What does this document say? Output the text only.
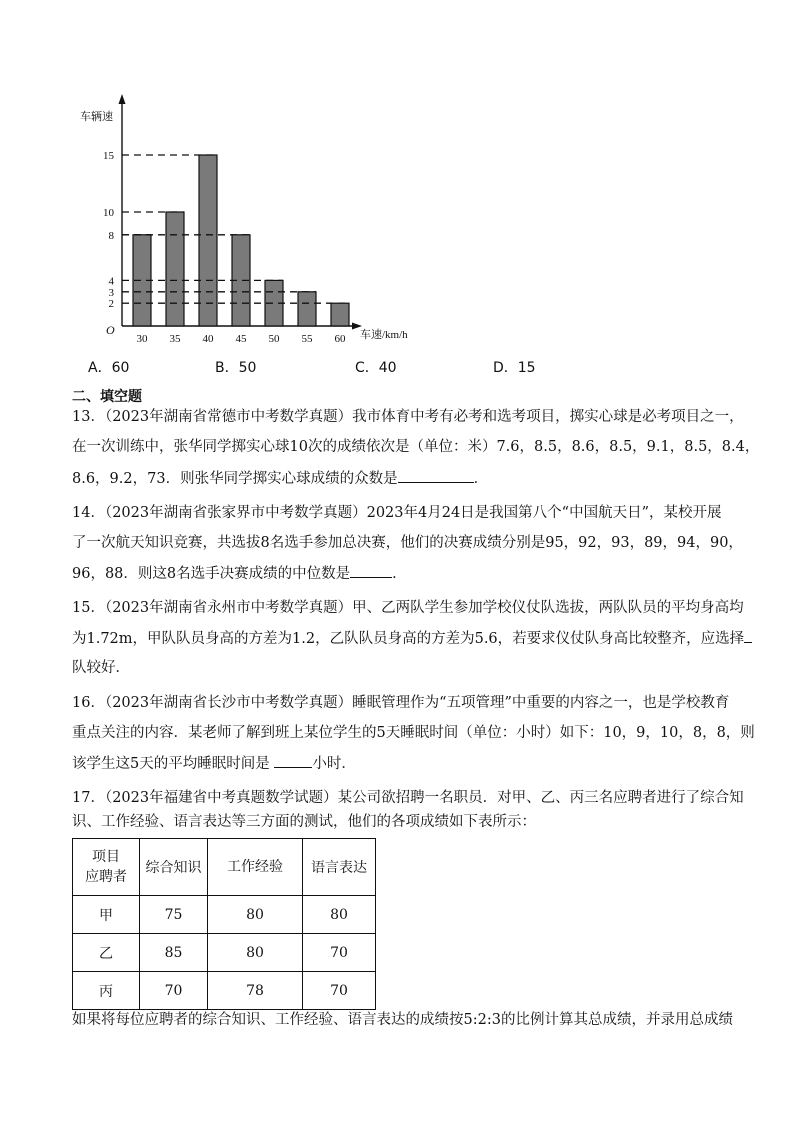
车辆速
O
30 35 40 45 50 55 60
2
3
4
8
10
15
车速/km/h
A．60	B．50	C．40	D．15
二、填空题
13．（2023年湖南省常德市中考数学真题）我市体育中考有必考和选考项目，掷实心球是必考项目之一，
在一次训练中，张华同学掷实心球10次的成绩依次是（单位：米）7.6，8.5，8.6，8.5，9.1，8.5，8.4，
8.6，9.2，73．则张华同学掷实心球成绩的众数是	．
14．（2023年湖南省张家界市中考数学真题）2023年4月24日是我国第八个“中国航天日”，某校开展
了一次航天知识竞赛，共选拔8名选手参加总决赛，他们的决赛成绩分别是95，92，93，89，94，90，
96，88．则这8名选手决赛成绩的中位数是	．
15．（2023年湖南省永州市中考数学真题）甲、乙两队学生参加学校仪仗队选拔，两队队员的平均身高均
为1.72m，甲队队员身高的方差为1.2，乙队队员身高的方差为5.6，若要求仪仗队身高比较整齐，应选择
队较好．
16．（2023年湖南省长沙市中考数学真题）睡眠管理作为“五项管理”中重要的内容之一，也是学校教育
重点关注的内容．某老师了解到班上某位学生的5天睡眠时间（单位：小时）如下：10，9，10，8，8，则
该学生这5天的平均睡眠时间是	小时．
17．（2023年福建省中考真题数学试题）某公司欲招聘一名职员．对甲、乙、丙三名应聘者进行了综合知
识、工作经验、语言表达等三方面的测试，他们的各项成绩如下表所示：
项目
应聘者	综合知识	工作经验	语言表达
甲	75	80	80
乙	85	80	70
丙	70	78	70
如果将每位应聘者的综合知识、工作经验、语言表达的成绩按5:2:3的比例计算其总成绩，并录用总成绩
